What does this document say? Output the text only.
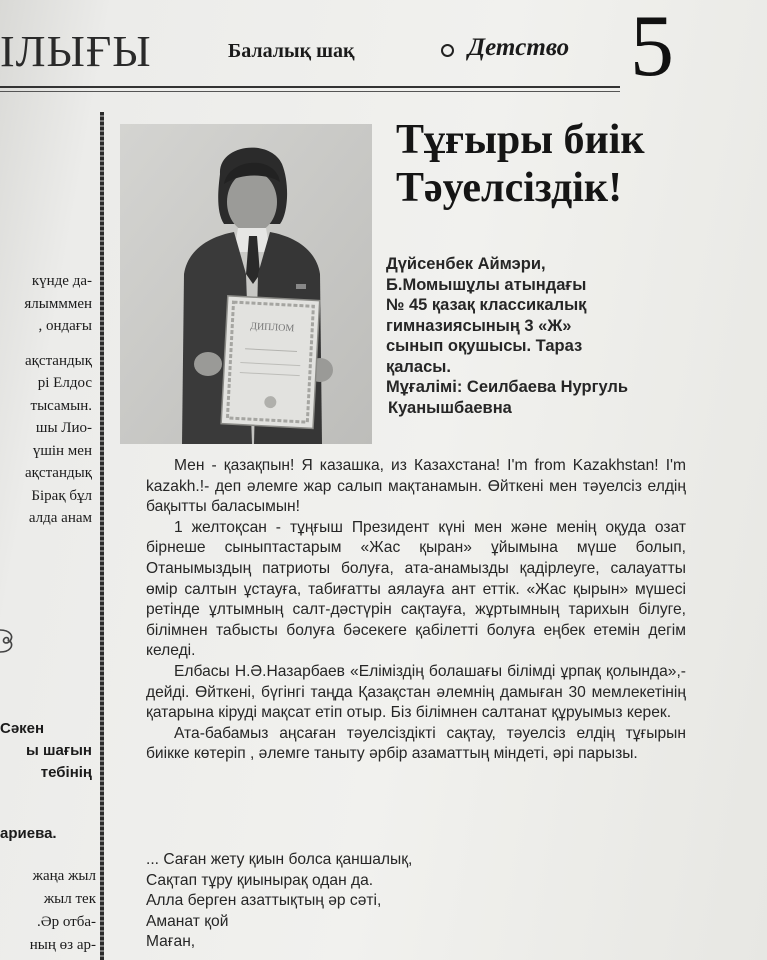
ІЛЫҒЫ	Балалық шақ	Детство 5
күнде да-
ялымммен
, ондағы
ақстандық
рі Елдос
тысамын.
шы Лио-
үшін мен
ақстандық
Бірақ бұл
алда анам
Сәкен
ы шағын
тебінің
ариева.
жаңа жыл
жыл тек
.Әр отба-
ның өз ар-
ДИПЛОМ
Тұғыры биік
Тәуелсіздік!
Дүйсенбек Аймэри,
Б.Момышұлы атындағы
№ 45 қазақ классикалық
гимназиясының 3 «Ж»
сынып оқушысы. Тараз
қаласы.
Мұғалімі: Сеилбаева Нургуль
Куанышбаевна

Мен - қазақпын! Я казашка, из Казахстана! I'm from Kazakhstan! I'm kazakh.!- деп әлемге жар салып мақтанамын. Өйткені мен тәуелсіз елдің бақытты баласымын!

1 желтоқсан - тұңғыш Президент күні мен және менің оқуда озат бірнеше сыныптастарым «Жас қыран» ұйымына мүше болып, Отанымыздың патриоты болуға, ата-анамызды қадірлеуге, салауатты өмір салтын ұстауға, табиғатты аялауға ант еттік. «Жас қырын» мүшесі ретінде ұлтымның салт-дәстүрін сақтауға, жұртымның тарихын білуге, білімнен табысты болуға бәсекеге қабілетті болуға еңбек етемін дегім келеді.

Елбасы Н.Ә.Назарбаев «Еліміздің болашағы білімді ұрпақ қолында»,- дейді. Өйткені, бүгінгі таңда Қазақстан әлемнің дамыған 30 мемлекетінің қатарына кіруді мақсат етіп отыр. Біз білімнен салтанат құруымыз керек.

Ата-бабамыз аңсаған тәуелсіздікті сақтау, тәуелсіз елдің тұғырын биікке көтеріп , әлемге таныту әрбір азаматтың міндеті, әрі парызы.

... Саған жету қиын болса қаншалық,
Сақтап тұру қиынырақ одан да.
Алла берген азаттықтың әр сәті,
Аманат қой
Маған,
